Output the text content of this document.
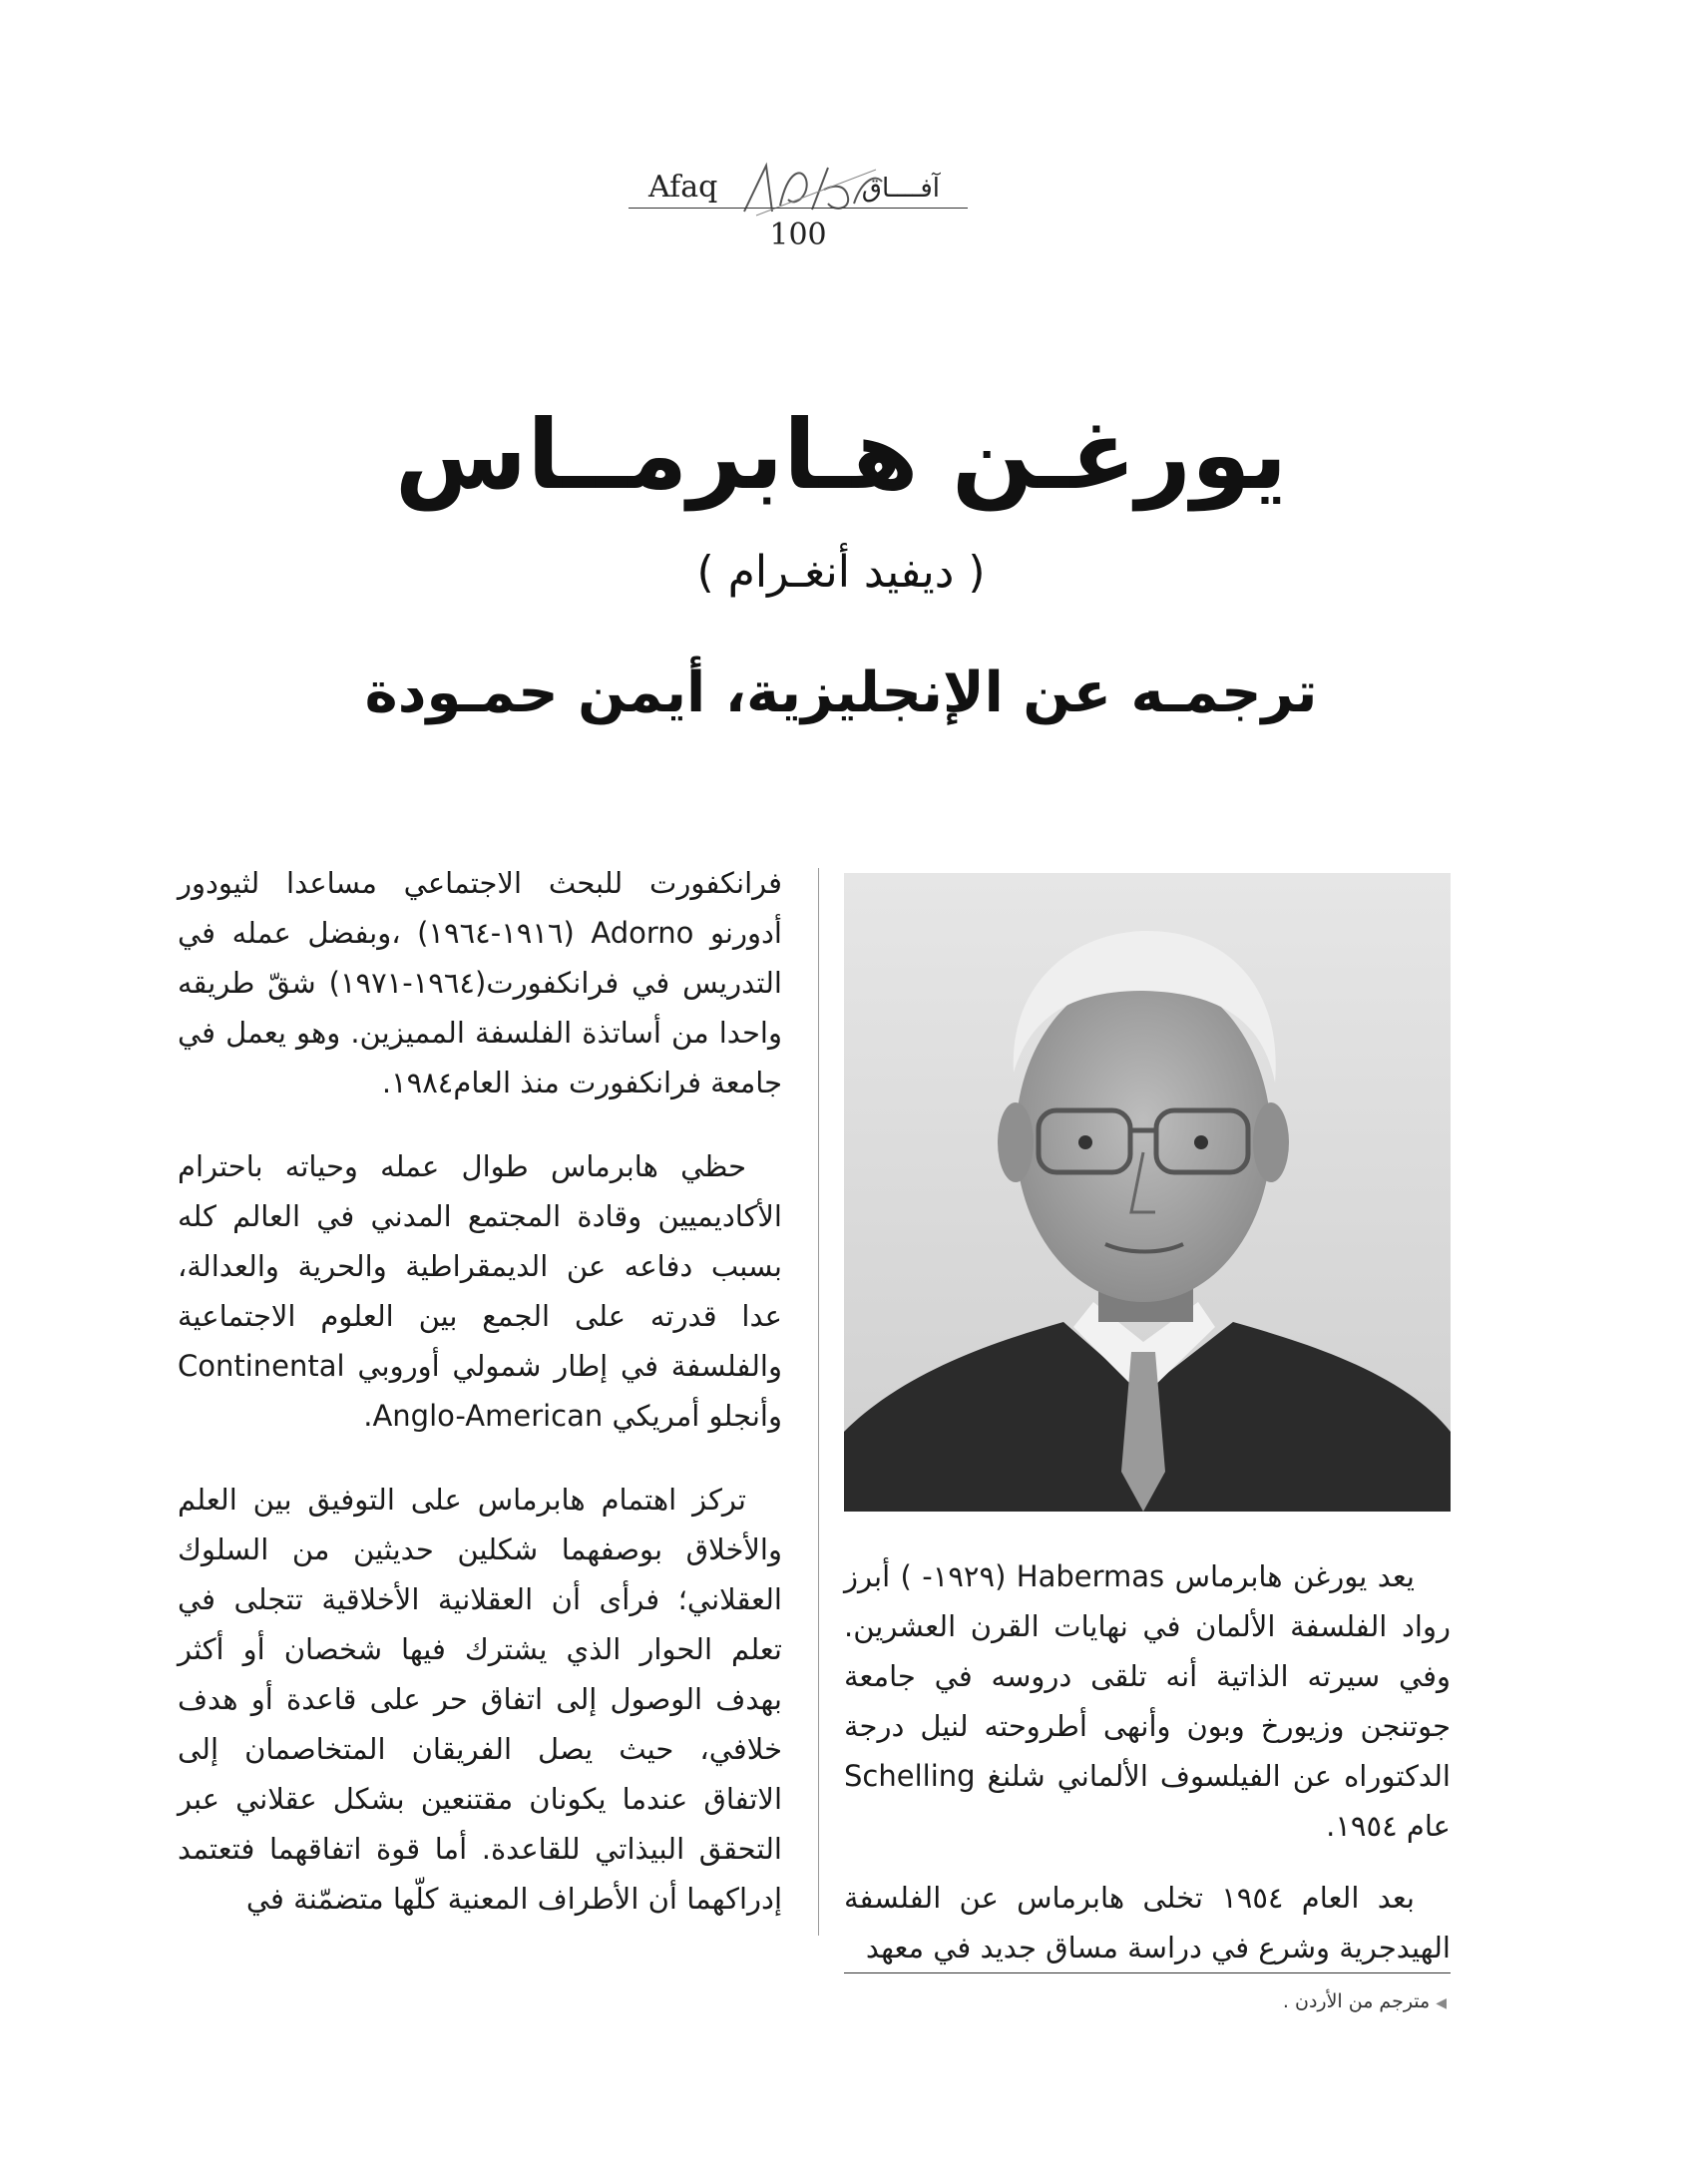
Afaq	آفــــاق
100
يورغـن هـابرمــاس
( ديفيد أنغـرام )
ترجمـه عن الإنجليزية، أيمن حمـودة

فرانكفورت للبحث الاجتماعي مساعدا لثيودور أدورنو Adorno (١٩١٦-١٩٦٤) ،وبفضل عمله في التدريس في فرانكفورت(١٩٦٤-١٩٧١) شقّ طريقه واحدا من أساتذة الفلسفة المميزين. وهو يعمل في جامعة فرانكفورت منذ العام١٩٨٤.

حظي هابرماس طوال عمله وحياته باحترام الأكاديميين وقادة المجتمع المدني في العالم كله بسبب دفاعه عن الديمقراطية والحرية والعدالة، عدا قدرته على الجمع بين العلوم الاجتماعية والفلسفة في إطار شمولي أوروبي Continental وأنجلو أمريكي Anglo-American.

تركز اهتمام هابرماس على التوفيق بين العلم والأخلاق بوصفهما شكلين حديثين من السلوك العقلاني؛ فرأى أن العقلانية الأخلاقية تتجلى في تعلم الحوار الذي يشترك فيها شخصان أو أكثر بهدف الوصول إلى اتفاق حر على قاعدة أو هدف خلافي، حيث يصل الفريقان المتخاصمان إلى الاتفاق عندما يكونان مقتنعين بشكل عقلاني عبر التحقق البيذاتي للقاعدة. أما قوة اتفاقهما فتعتمد إدراكهما أن الأطراف المعنية كلّها متضمّنة في

يعد يورغن هابرماس Habermas (١٩٢٩- ) أبرز رواد الفلسفة الألمان في نهايات القرن العشرين. وفي سيرته الذاتية أنه تلقى دروسه في جامعة جوتنجن وزيورخ وبون وأنهى أطروحته لنيل درجة الدكتوراه عن الفيلسوف الألماني شلنغ Schelling عام ١٩٥٤.

بعد العام ١٩٥٤ تخلى هابرماس عن الفلسفة الهيدجرية وشرع في دراسة مساق جديد في معهد

◀مترجم من الأردن .
